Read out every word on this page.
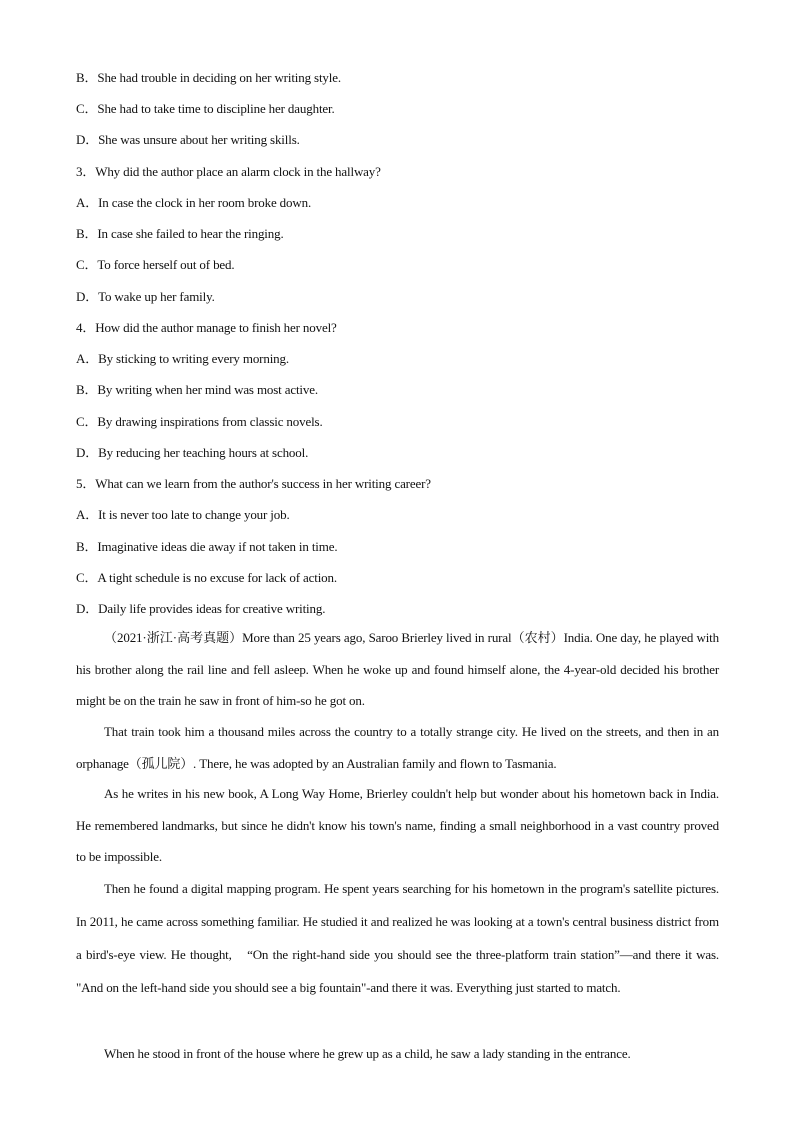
B．She had trouble in deciding on her writing style.
C．She had to take time to discipline her daughter.
D．She was unsure about her writing skills.
3．Why did the author place an alarm clock in the hallway?
A．In case the clock in her room broke down.
B．In case she failed to hear the ringing.
C．To force herself out of bed.
D．To wake up her family.
4．How did the author manage to finish her novel?
A．By sticking to writing every morning.
B．By writing when her mind was most active.
C．By drawing inspirations from classic novels.
D．By reducing her teaching hours at school.
5．What can we learn from the author's success in her writing career?
A．It is never too late to change your job.
B．Imaginative ideas die away if not taken in time.
C．A tight schedule is no excuse for lack of action.
D．Daily life provides ideas for creative writing.
（2021·浙江·高考真题）More than 25 years ago, Saroo Brierley lived in rural（农村）India. One day, he played with his brother along the rail line and fell asleep. When he woke up and found himself alone, the 4-year-old decided his brother might be on the train he saw in front of him-so he got on.
That train took him a thousand miles across the country to a totally strange city. He lived on the streets, and then in an orphanage（孤儿院）. There, he was adopted by an Australian family and flown to Tasmania.
As he writes in his new book, A Long Way Home, Brierley couldn't help but wonder about his hometown back in India. He remembered landmarks, but since he didn't know his town's name, finding a small neighborhood in a vast country proved to be impossible.
Then he found a digital mapping program. He spent years searching for his hometown in the program's satellite pictures. In 2011, he came across something familiar. He studied it and realized he was looking at a town's central business district from a bird's-eye view. He thought,　“On the right-hand side you should see the three-platform train station”—and there it was. "And on the left-hand side you should see a big fountain"-and there it was. Everything just started to match.
When he stood in front of the house where he grew up as a child, he saw a lady standing in the entrance.
